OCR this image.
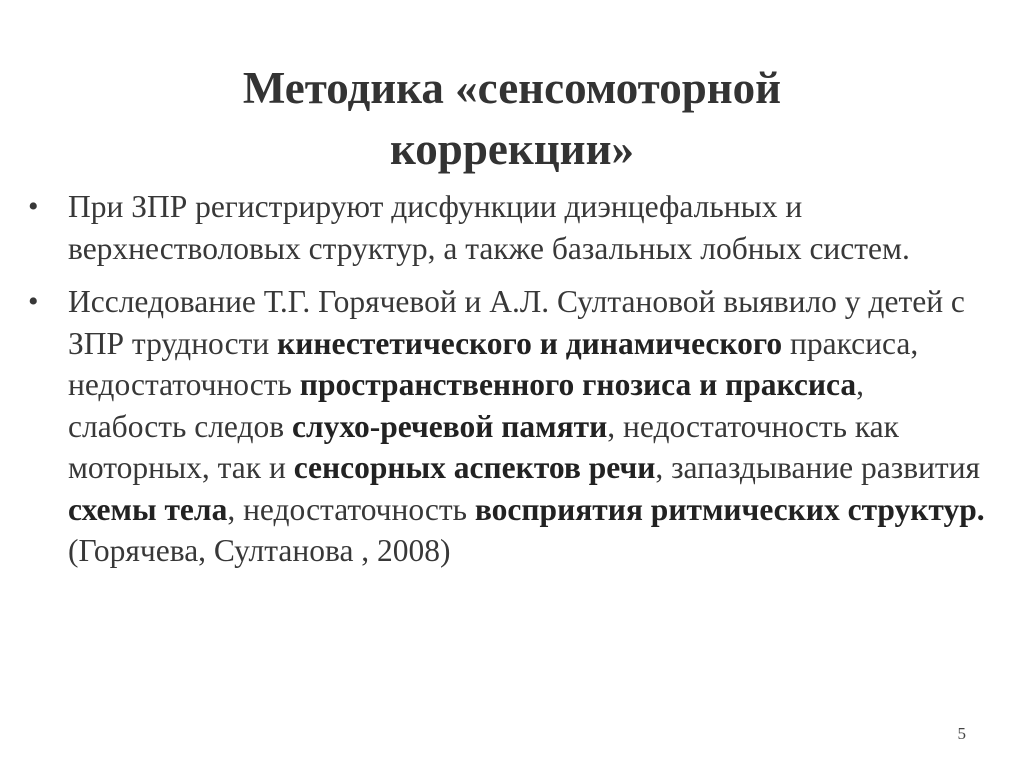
Методика «сенсомоторной
коррекции»
• При ЗПР регистрируют дисфункции диэнцефальных и верхнестволовых структур, а также базальных лобных систем.
• Исследование Т.Г. Горячевой и А.Л. Султановой выявило у детей с ЗПР трудности кинестетического и динамического праксиса, недостаточность пространственного гнозиса и праксиса, слабость следов слухо-речевой памяти, недостаточность как моторных, так и сенсорных аспектов речи, запаздывание развития схемы тела, недостаточность восприятия ритмических структур. (Горячева, Султанова , 2008)
5
